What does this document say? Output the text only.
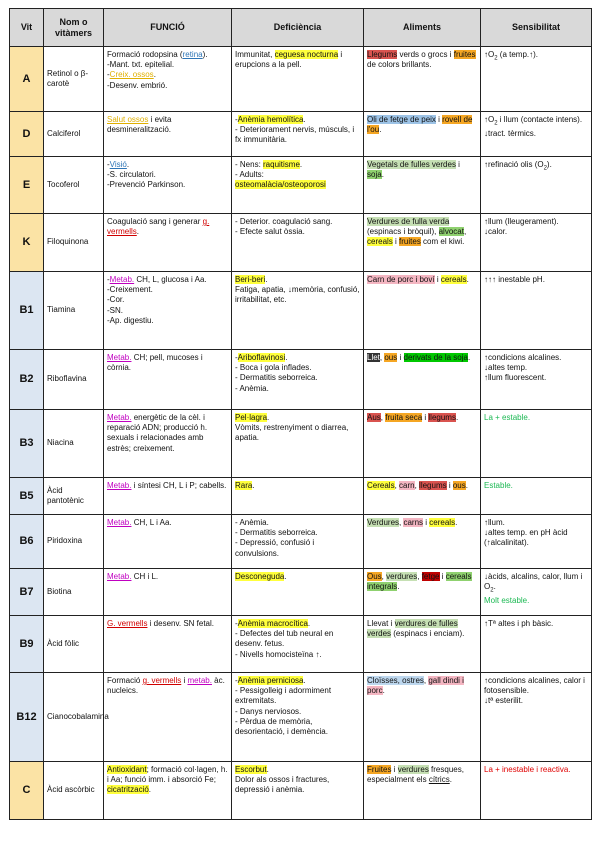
Vit	Nom o vitàmers	FUNCIÓ	Deficiència	Aliments	Sensibilitat
A	Retinol o β-carotè	Formació rodopsina (retina).
-Mant. txt. epitelial.
-Creix. ossos.
-Desenv. embrió.	Immunitat, ceguesa nocturna i erupcions a la pell.	Llegums verds o grocs i fruites de colors brillants.	$↑O_2$ (a temp.↑).
D	Calciferol	Salut ossos i evita desmineralització.	-Anèmia hemolítica.
- Deteriorament nervis, músculs, i fx immunitària.	Oli de fetge de peix i rovell de l'ou.	$↑O_2$ i llum (contacte intens).
↓tract. tèrmics.
E	Tocoferol	-Visió.
-S. circulatori.
-Prevenció Parkinson.	- Nens: raquitisme.
- Adults:
osteomalàcia/osteoporosi	Vegetals de fulles verdes i soja.	↑refinació olis $(O_2)$.
K	Filoquinona	Coagulació sang i generar g. vermells.	- Deterior. coagulació sang.
- Efecte salut òssia.	Verdures de fulla verda (espinacs i bròquil), alvocat, cereals i fruites com el kiwi.	↑llum (lleugerament).
↓calor.
B1	Tiamina	-Metab. CH, L, glucosa i Aa.
-Creixement.
-Cor.
-SN.
-Ap. digestiu.	Beri-beri.
Fatiga, apatia, ↓memòria, confusió, irritabilitat, etc.	Carn de porc i boví i cereals.	↑↑↑ inestable pH.
B2	Riboflavina	Metab. CH; pell, mucoses i còrnia.	-Ariboflavinosi.
- Boca i gola inflades.
- Dermatitis seborreica.
- Anèmia.	Llet, ous i derivats de la soja.	↑condicions alcalines.
↓altes temp.
↑llum fluorescent.
B3	Niacina	Metab. energètic de la cèl. i reparació ADN; producció h. sexuals i relacionades amb estrès; creixement.	Pel·lagra.
Vòmits, restrenyiment o diarrea, apatia.	Aus, fruita seca i llegums.	La + estable.
B5	Àcid pantotènic	Metab. i síntesi CH, L i P; cabells.	Rara.	Cereals, carn, llegums i ous.	Estable.
B6	Piridoxina	Metab. CH, L i Aa.	- Anèmia.
- Dermatitis seborreica.
- Depressió, confusió i convulsions.	Verdures, carns i cereals.	↑llum.
↓altes temp. en pH àcid (↑alcalinitat).
B7	Biotina	Metab. CH i L.	Desconeguda.	Ous, verdures, fetge i cereals integrals.	↓àcids, alcalins, calor, llum i $O_2$.
Molt estable.
B9	Àcid fòlic	G. vermells i desenv. SN fetal.	-Anèmia macrocítica.
- Defectes del tub neural en desenv. fetus.
- Nivells homocisteïna ↑.	Llevat i verdures de fulles verdes (espinacs i enciam).	↑Tª altes i ph bàsic.
B12	Cianocobalamina	Formació g. vermells i metab. àc. nucleics.	-Anèmia perniciosa.
- Pessigolleig i adormiment extremitats.
- Danys nerviosos.
- Pèrdua de memòria, desorientació, i demència.	Cloïsses, ostres, gall dindi i porc.	↑condicions alcalines, calor i fotosensible.
↓tª esterilit.
C	Àcid ascòrbic	Antioxidant; formació col·lagen, h. i Aa; funció imm. i absorció Fe; cicatrització.	Escorbut.
Dolor als ossos i fractures, depressió i anèmia.	Fruites i verdures fresques, especialment els cítrics.	La + inestable i reactiva.
